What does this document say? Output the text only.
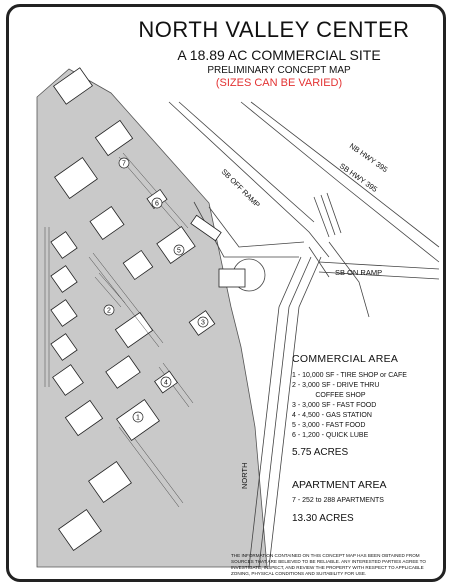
1
2
3
4
5
6
7	NB HWY 395
SB HWY 395
SB OFF RAMP
SB ON RAMP
NORTH
NORTH VALLEY CENTER
A 18.89 AC COMMERCIAL SITE
PRELIMINARY CONCEPT MAP
(SIZES CAN BE VARIED)
COMMERCIAL AREA
1 - 10,000 SF - TIRE SHOP or CAFE
2 - 3,000 SF - DRIVE THRU
COFFEE SHOP
3 - 3,000 SF - FAST FOOD
4 - 4,500 - GAS STATION
5 - 3,000 - FAST FOOD
6 - 1,200 - QUICK LUBE
5.75 ACRES
APARTMENT AREA
7 - 252 to 288 APARTMENTS
13.30 ACRES
THE INFORMATION CONTAINED ON THIS CONCEPT MAP HAS BEEN OBTAINED FROM SOURCES THAT ARE BELIEVED TO BE RELIABLE. ANY INTERESTED PARTIES AGREE TO INVESTIGATE, INSPECT, AND REVIEW THE PROPERTY WITH RESPECT TO APPLICABLE ZONING, PHYSICAL CONDITIONS AND SUITABILITY FOR USE.
